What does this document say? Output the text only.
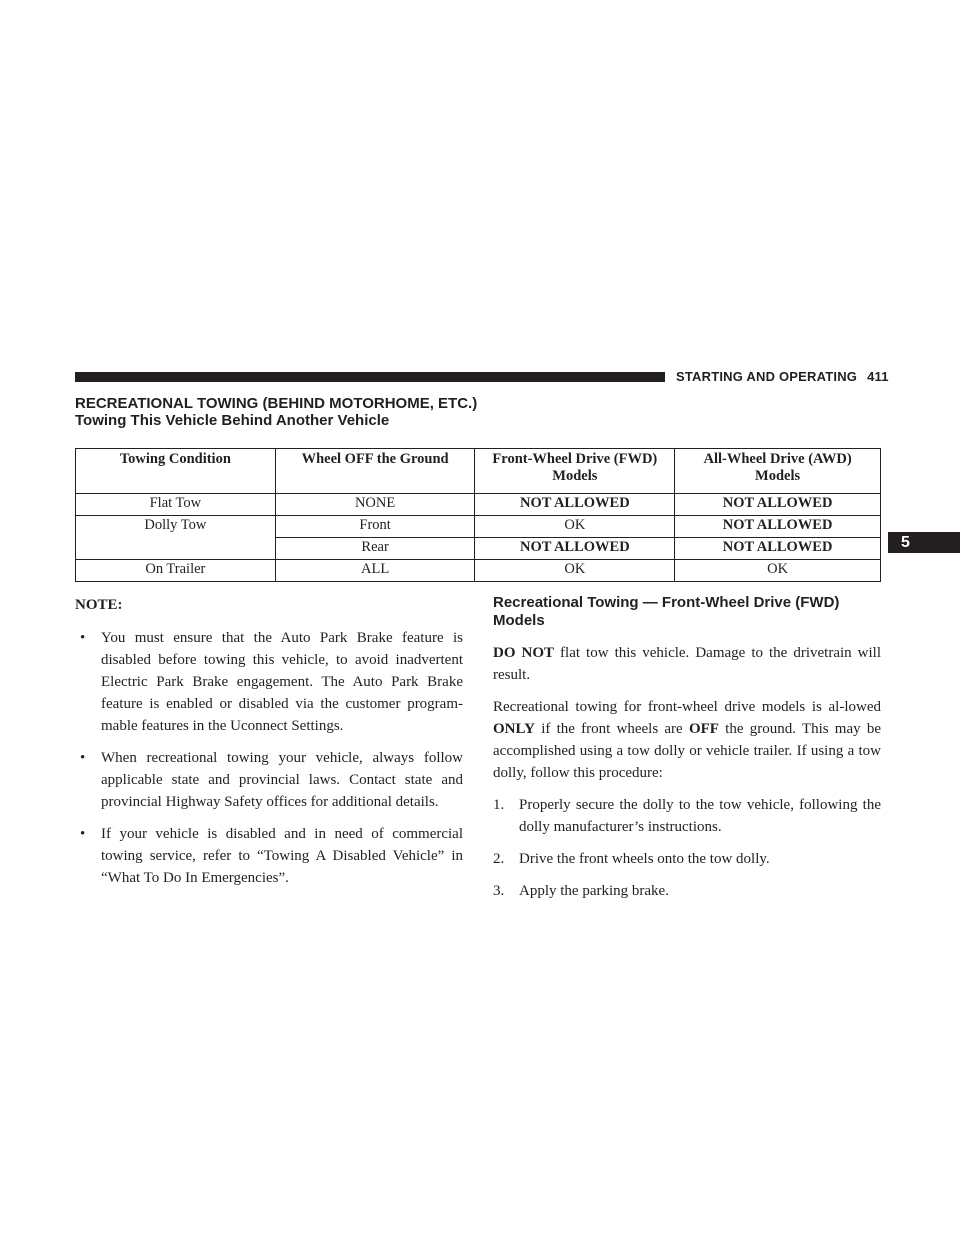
STARTING AND OPERATING 411
5
RECREATIONAL TOWING (BEHIND MOTORHOME, ETC.)
Towing This Vehicle Behind Another Vehicle
Towing Condition	Wheel OFF the Ground	Front-Wheel Drive (FWD) Models	All-Wheel Drive (AWD) Models
Flat Tow	NONE	NOT ALLOWED	NOT ALLOWED
Dolly Tow	Front	OK	NOT ALLOWED
	Rear	NOT ALLOWED	NOT ALLOWED
On Trailer	ALL	OK	OK

NOTE:

• You must ensure that the Auto Park Brake feature is disabled before towing this vehicle, to avoid inadvertent Electric Park Brake engagement. The Auto Park Brake feature is enabled or disabled via the customer program-mable features in the Uconnect Settings.
• When recreational towing your vehicle, always follow applicable state and provincial laws. Contact state and provincial Highway Safety offices for additional details.
• If your vehicle is disabled and in need of commercial towing service, refer to “Towing A Disabled Vehicle” in “What To Do In Emergencies”.
Recreational Towing — Front-Wheel Drive (FWD) Models

DO NOT flat tow this vehicle. Damage to the drivetrain will result.

Recreational towing for front-wheel drive models is al-lowed ONLY if the front wheels are OFF the ground. This may be accomplished using a tow dolly or vehicle trailer. If using a tow dolly, follow this procedure:

1. Properly secure the dolly to the tow vehicle, following the dolly manufacturer’s instructions.
2. Drive the front wheels onto the tow dolly.
3. Apply the parking brake.
